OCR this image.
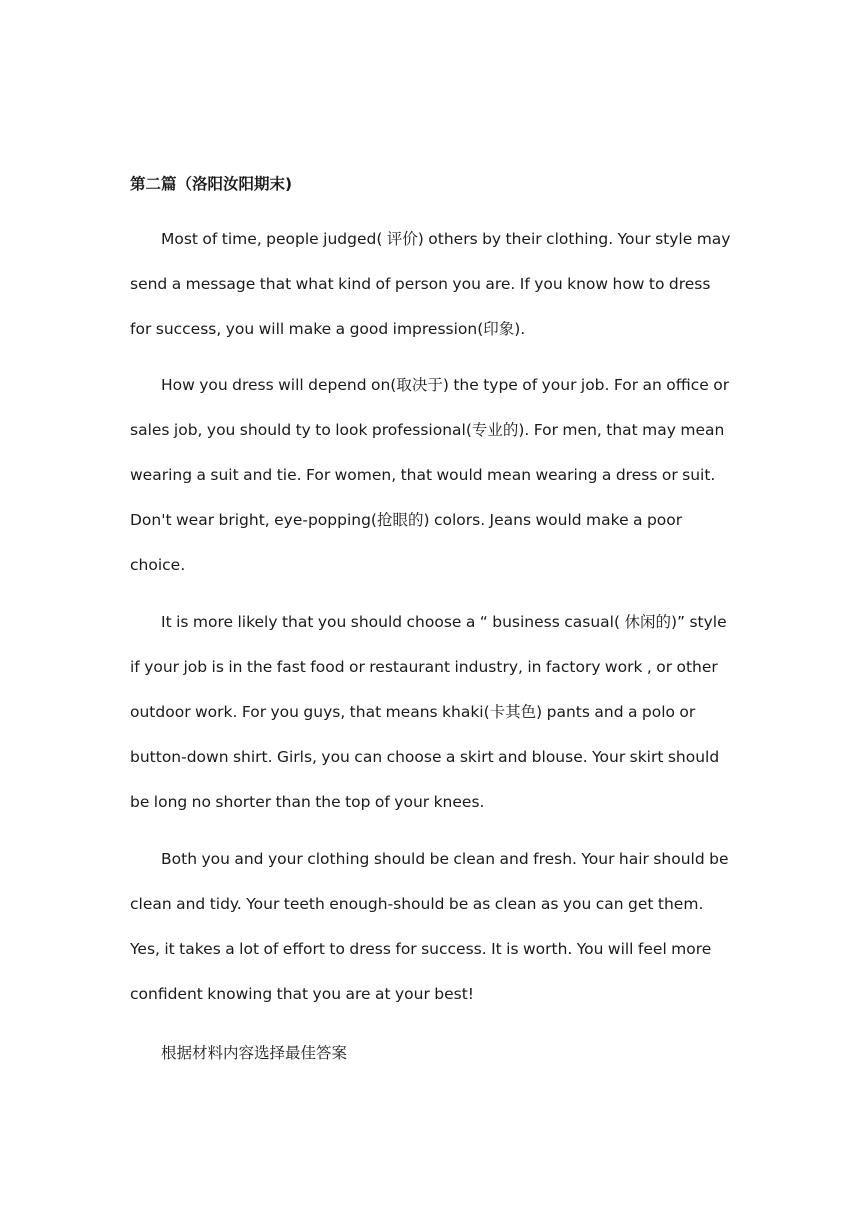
第二篇（洛阳汝阳期末)

Most of time, people judged( 评价) others by their clothing. Your style may send a message that what kind of person you are. If you know how to dress for success, you will make a good impression(印象).

How you dress will depend on(取决于) the type of your job. For an office or sales job, you should ty to look professional(专业的). For men, that may mean wearing a suit and tie. For women, that would mean wearing a dress or suit. Don't wear bright, eye-popping(抢眼的) colors. Jeans would make a poor choice.

It is more likely that you should choose a “ business casual( 休闲的)” style if your job is in the fast food or restaurant industry, in factory work , or other outdoor work. For you guys, that means khaki(卡其色) pants and a polo or button-down shirt. Girls, you can choose a skirt and blouse. Your skirt should be long no shorter than the top of your knees.

Both you and your clothing should be clean and fresh. Your hair should be clean and tidy. Your teeth enough-should be as clean as you can get them. Yes, it takes a lot of effort to dress for success. It is worth. You will feel more confident knowing that you are at your best!

根据材料内容选择最佳答案
